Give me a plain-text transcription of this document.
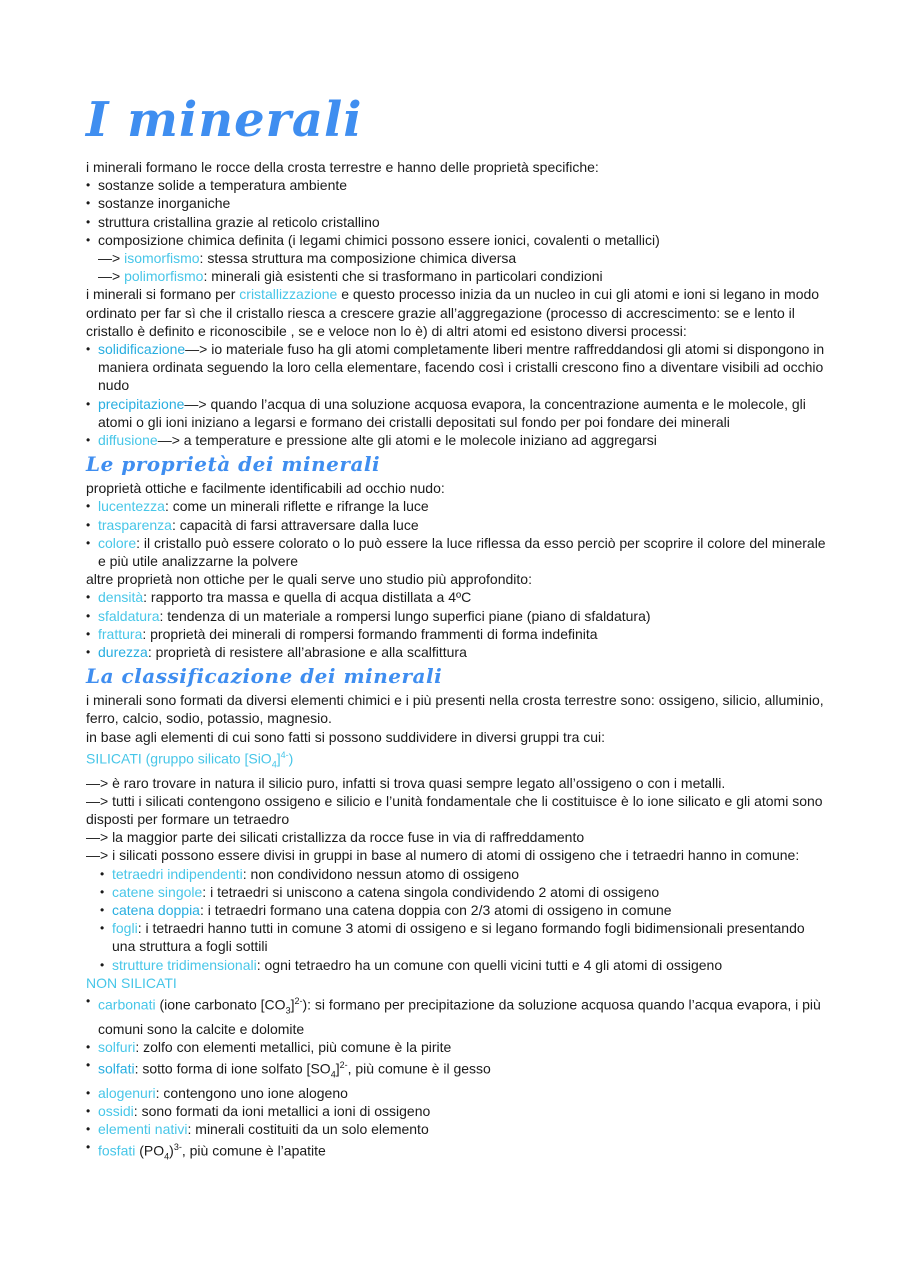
I minerali

i minerali formano le rocce della crosta terrestre e hanno delle proprietà specifiche:

• sostanze solide a temperatura ambiente
• sostanze inorganiche
• struttura cristallina grazie al reticolo cristallino
• composizione chimica definita (i legami chimici possono essere ionici, covalenti o metallici)

—> isomorfismo: stessa struttura ma composizione chimica diversa

—> polimorfismo: minerali già esistenti che si trasformano in particolari condizioni

i minerali si formano per cristallizzazione e questo processo inizia da un nucleo in cui gli atomi e ioni si legano in modo ordinato per far sì che il cristallo riesca a crescere grazie all’aggregazione (processo di accrescimento: se e lento il cristallo è definito e riconoscibile , se e veloce non lo è) di altri atomi ed esistono diversi processi:

• solidificazione—> io materiale fuso ha gli atomi completamente liberi mentre raffreddandosi gli atomi si dispongono in maniera ordinata seguendo la loro cella elementare, facendo così i cristalli crescono fino a diventare visibili ad occhio nudo
• precipitazione—> quando l’acqua di una soluzione acquosa evapora, la concentrazione aumenta e le molecole, gli atomi o gli ioni iniziano a legarsi e formano dei cristalli depositati sul fondo per poi fondare dei minerali
• diffusione—> a temperature e pressione alte gli atomi e le molecole iniziano ad aggregarsi
Le proprietà dei minerali

proprietà ottiche e facilmente identificabili ad occhio nudo:

• lucentezza: come un minerali riflette e rifrange la luce
• trasparenza: capacità di farsi attraversare dalla luce
• colore: il cristallo può essere colorato o lo può essere la luce riflessa da esso perciò per scoprire il colore del minerale e più utile analizzarne la polvere

altre proprietà non ottiche per le quali serve uno studio più approfondito:

• densità: rapporto tra massa e quella di acqua distillata a 4ºC
• sfaldatura: tendenza di un materiale a rompersi lungo superfici piane (piano di sfaldatura)
• frattura: proprietà dei minerali di rompersi formando frammenti di forma indefinita
• durezza: proprietà di resistere all’abrasione e alla scalfittura
La classificazione dei minerali

i minerali sono formati da diversi elementi chimici e i più presenti nella crosta terrestre sono: ossigeno, silicio, alluminio, ferro, calcio, sodio, potassio, magnesio.

in base agli elementi di cui sono fatti si possono suddividere in diversi gruppi tra cui:

SILICATI (gruppo silicato $[SiO_4]^{4-}$)

—> è raro trovare in natura il silicio puro, infatti si trova quasi sempre legato all’ossigeno o con i metalli.

—> tutti i silicati contengono ossigeno e silicio e l’unità fondamentale che li costituisce è lo ione silicato e gli atomi sono disposti per formare un tetraedro

—> la maggior parte dei silicati cristallizza da rocce fuse in via di raffreddamento

—> i silicati possono essere divisi in gruppi in base al numero di atomi di ossigeno che i tetraedri hanno in comune:

• tetraedri indipendenti: non condividono nessun atomo di ossigeno
• catene singole: i tetraedri si uniscono a catena singola condividendo 2 atomi di ossigeno
• catena doppia: i tetraedri formano una catena doppia con 2/3 atomi di ossigeno in comune
• fogli: i tetraedri hanno tutti in comune 3 atomi di ossigeno e si legano formando fogli bidimensionali presentando una struttura a fogli sottili
• strutture tridimensionali: ogni tetraedro ha un comune con quelli vicini tutti e 4 gli atomi di ossigeno

NON SILICATI

• carbonati (ione carbonato $[CO_3]^{2-}$): si formano per precipitazione da soluzione acquosa quando l’acqua evapora, i più comuni sono la calcite e dolomite
• solfuri: zolfo con elementi metallici, più comune è la pirite
• solfati: sotto forma di ione solfato $[SO_4]^{2-}$, più comune è il gesso
• alogenuri: contengono uno ione alogeno
• ossidi: sono formati da ioni metallici a ioni di ossigeno
• elementi nativi: minerali costituiti da un solo elemento
• fosfati $(PO_4)^{3-}$, più comune è l’apatite
